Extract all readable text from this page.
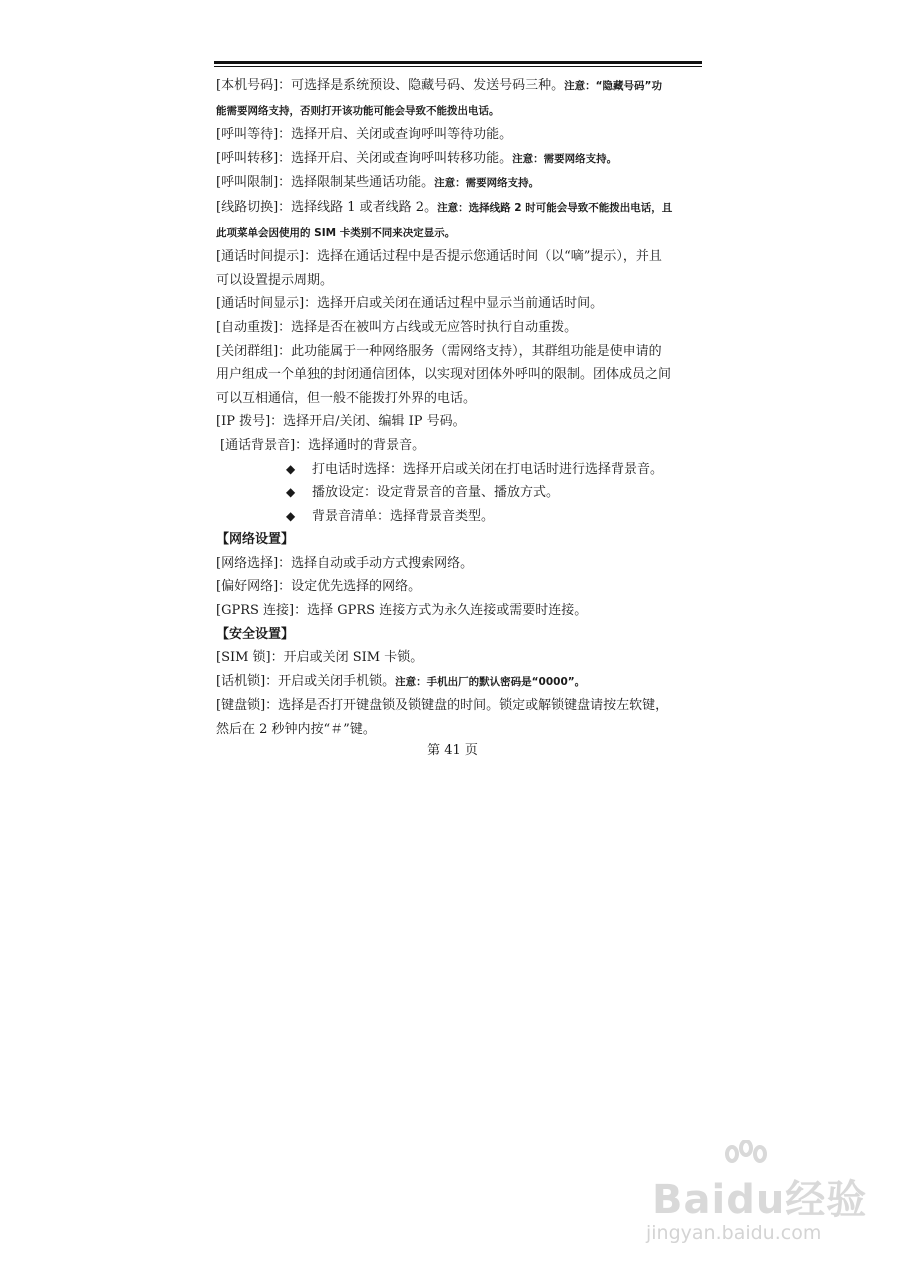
[本机号码]：可选择是系统预设、隐藏号码、发送号码三种。注意：“隐藏号码”功

能需要网络支持，否则打开该功能可能会导致不能拨出电话。

[呼叫等待]：选择开启、关闭或查询呼叫等待功能。

[呼叫转移]：选择开启、关闭或查询呼叫转移功能。注意：需要网络支持。

[呼叫限制]：选择限制某些通话功能。注意：需要网络支持。

[线路切换]：选择线路 1 或者线路 2。注意：选择线路 2 时可能会导致不能拨出电话，且

此项菜单会因使用的 SIM 卡类别不同来决定显示。

[通话时间提示]：选择在通话过程中是否提示您通话时间（以“嘀”提示），并且

可以设置提示周期。

[通话时间显示]：选择开启或关闭在通话过程中显示当前通话时间。

[自动重拨]：选择是否在被叫方占线或无应答时执行自动重拨。

[关闭群组]：此功能属于一种网络服务（需网络支持），其群组功能是使申请的

用户组成一个单独的封闭通信团体，以实现对团体外呼叫的限制。团体成员之间

可以互相通信，但一般不能拨打外界的电话。

[IP 拨号]：选择开启/关闭、编辑 IP 号码。

[通话背景音]：选择通时的背景音。

◆ 打电话时选择：选择开启或关闭在打电话时进行选择背景音。

◆ 播放设定：设定背景音的音量、播放方式。

◆ 背景音清单：选择背景音类型。

【网络设置】

[网络选择]：选择自动或手动方式搜索网络。

[偏好网络]：设定优先选择的网络。

[GPRS 连接]：选择 GPRS 连接方式为永久连接或需要时连接。

【安全设置】

[SIM 锁]：开启或关闭 SIM 卡锁。

[话机锁]：开启或关闭手机锁。注意：手机出厂的默认密码是“0000”。

[键盘锁]：选择是否打开键盘锁及锁键盘的时间。锁定或解锁键盘请按左软键，

然后在 2 秒钟内按“＃”键。

第 41 页
Baidu经验
jingyan.baidu.com
